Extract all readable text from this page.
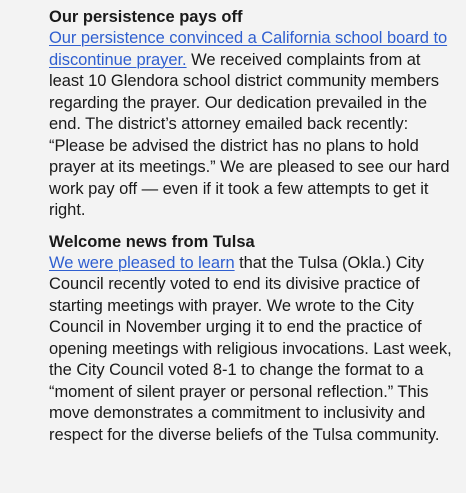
Our persistence pays off

Our persistence convinced a California school board to discontinue prayer. We received complaints from at least 10 Glendora school district community members regarding the prayer. Our dedication prevailed in the end. The district’s attorney emailed back recently: “Please be advised the district has no plans to hold prayer at its meetings.” We are pleased to see our hard work pay off — even if it took a few attempts to get it right.

Welcome news from Tulsa

We were pleased to learn that the Tulsa (Okla.) City Council recently voted to end its divisive practice of starting meetings with prayer. We wrote to the City Council in November urging it to end the practice of opening meetings with religious invocations. Last week, the City Council voted 8-1 to change the format to a “moment of silent prayer or personal reflection.” This move demonstrates a commitment to inclusivity and respect for the diverse beliefs of the Tulsa community.
